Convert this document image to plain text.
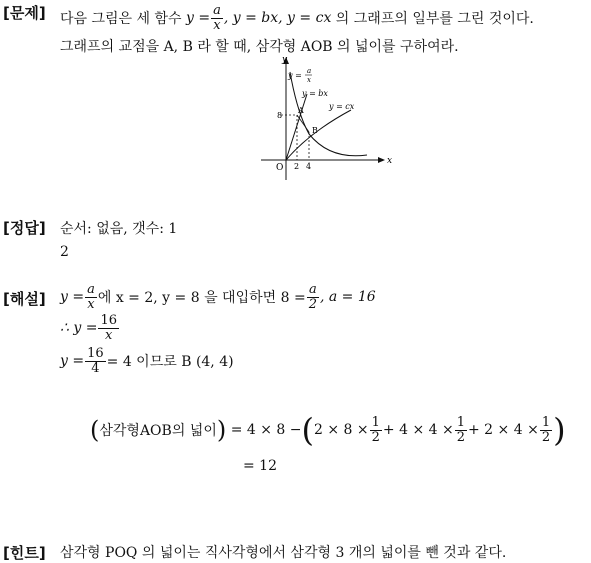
[문제] 다음 그림은 세 함수
$y = \frac{a}{x}$ , y = bx, y = cx
의 그래프의 일부를 그린 것이다.
그래프의 교점을 A, B 라 할 때, 삼각형 AOB 의 넓이를 구하여라.
x
y
O
y = a
x
y = bx
y = cx
A
B
2 4
8
[정답] 순서: 없음, 갯수: 1
2
[해설] $y = \frac{a}{x}$ 에 x = 2, y = 8 을 대입하면 $8 = \frac{a}{2}$ , a = 16
∴ $y = \frac{16}{x}$
$y = \frac{16}{4} = 4$ 이므로 B (4, 4)
( 삼각형AOB의 넓이 )
= 4 × 8 − ( $2 \times 8 \times \frac{1}{2} + 4 \times 4 \times \frac{1}{2} + 2 \times 4 \times \frac{1}{2}$ )
= 12
[힌트] 삼각형 POQ 의 넓이는 직사각형에서 삼각형 3 개의 넓이를 뺀 것과 같다.
